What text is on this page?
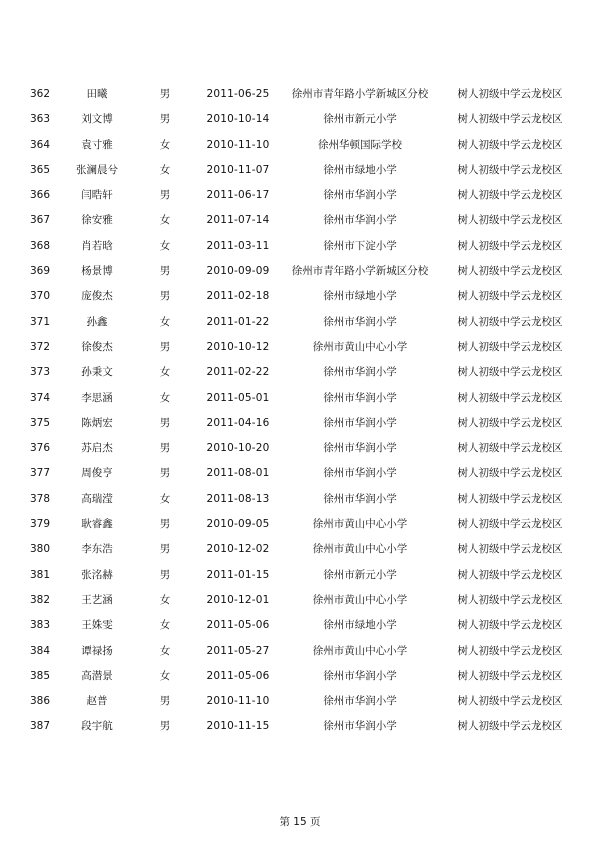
362	田曦	男	2011-06-25	徐州市青年路小学新城区分校	树人初级中学云龙校区
363	刘文博	男	2010-10-14	徐州市新元小学	树人初级中学云龙校区
364	袁寸雅	女	2010-11-10	徐州华顿国际学校	树人初级中学云龙校区
365	张澜晨兮	女	2010-11-07	徐州市绿地小学	树人初级中学云龙校区
366	闫晧轩	男	2011-06-17	徐州市华润小学	树人初级中学云龙校区
367	徐安雅	女	2011-07-14	徐州市华润小学	树人初级中学云龙校区
368	肖若晗	女	2011-03-11	徐州市下淀小学	树人初级中学云龙校区
369	杨景博	男	2010-09-09	徐州市青年路小学新城区分校	树人初级中学云龙校区
370	庞俊杰	男	2011-02-18	徐州市绿地小学	树人初级中学云龙校区
371	孙鑫	女	2011-01-22	徐州市华润小学	树人初级中学云龙校区
372	徐俊杰	男	2010-10-12	徐州市黄山中心小学	树人初级中学云龙校区
373	孙秉文	女	2011-02-22	徐州市华润小学	树人初级中学云龙校区
374	李思涵	女	2011-05-01	徐州市华润小学	树人初级中学云龙校区
375	陈炳宏	男	2011-04-16	徐州市华润小学	树人初级中学云龙校区
376	苏启杰	男	2010-10-20	徐州市华润小学	树人初级中学云龙校区
377	周俊亨	男	2011-08-01	徐州市华润小学	树人初级中学云龙校区
378	高瑞滢	女	2011-08-13	徐州市华润小学	树人初级中学云龙校区
379	耿睿鑫	男	2010-09-05	徐州市黄山中心小学	树人初级中学云龙校区
380	李东浩	男	2010-12-02	徐州市黄山中心小学	树人初级中学云龙校区
381	张洺赫	男	2011-01-15	徐州市新元小学	树人初级中学云龙校区
382	王艺涵	女	2010-12-01	徐州市黄山中心小学	树人初级中学云龙校区
383	王姝雯	女	2011-05-06	徐州市绿地小学	树人初级中学云龙校区
384	谭禄扬	女	2011-05-27	徐州市黄山中心小学	树人初级中学云龙校区
385	高潜景	女	2011-05-06	徐州市华润小学	树人初级中学云龙校区
386	赵普	男	2010-11-10	徐州市华润小学	树人初级中学云龙校区
387	段宇航	男	2010-11-15	徐州市华润小学	树人初级中学云龙校区
第 15 页
